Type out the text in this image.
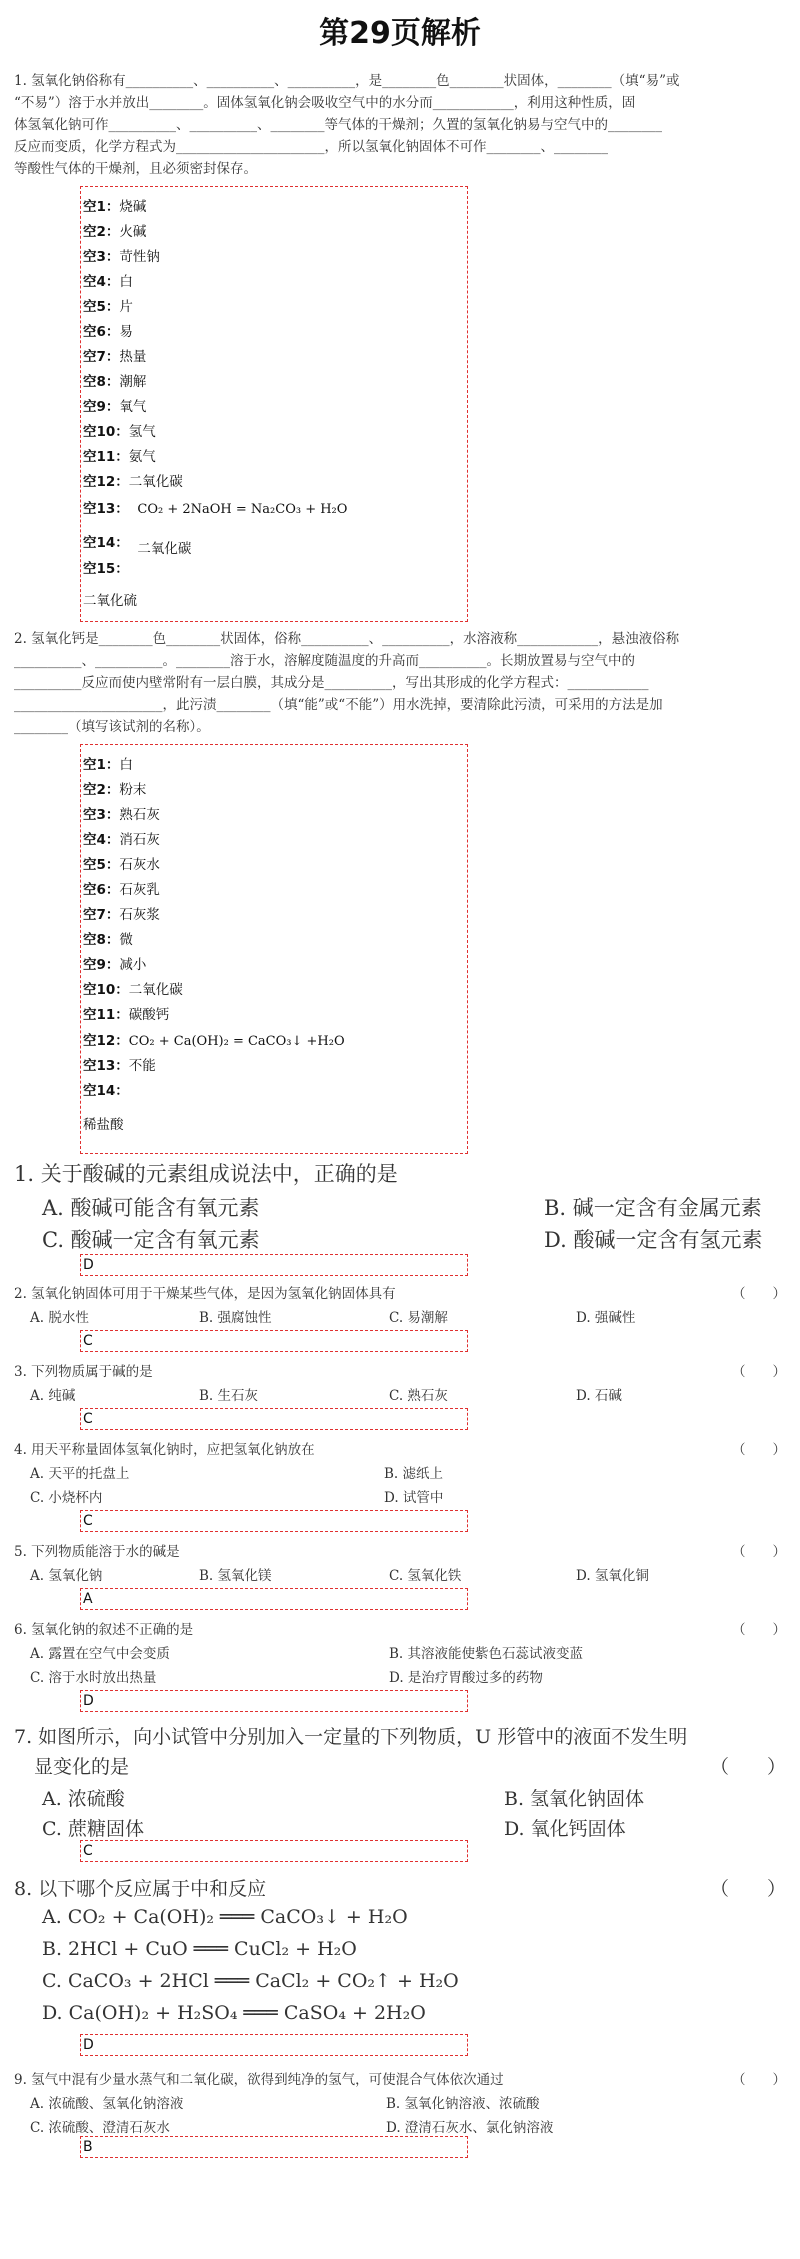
第29页解析
1. 氢氧化钠俗称有__________、__________、__________，是________色________状固体，________（填“易”或
“不易”）溶于水并放出________。固体氢氧化钠会吸收空气中的水分而____________，利用这种性质，固
体氢氧化钠可作__________、__________、________等气体的干燥剂；久置的氢氧化钠易与空气中的________
反应而变质，化学方程式为______________________，所以氢氧化钠固体不可作________、________
等酸性气体的干燥剂，且必须密封保存。
空1：烧碱
空2：火碱
空3：苛性钠
空4：白
空5：片
空6：易
空7：热量
空8：潮解
空9：氧气
空10：氢气
空11：氨气
空12：二氧化碳
空13： CO₂ + 2NaOH = Na₂CO₃ + H₂O
空14： 二氧化碳
空15：
二氧化硫
2. 氢氧化钙是________色________状固体，俗称__________、__________，水溶液称____________，悬浊液俗称
__________、__________。________溶于水，溶解度随温度的升高而__________。长期放置易与空气中的
__________反应而使内壁常附有一层白膜，其成分是__________，写出其形成的化学方程式：____________
______________________，此污渍________（填“能”或“不能”）用水洗掉，要清除此污渍，可采用的方法是加
________（填写该试剂的名称）。
空1：白
空2：粉末
空3：熟石灰
空4：消石灰
空5：石灰水
空6：石灰乳
空7：石灰浆
空8：微
空9：减小
空10：二氧化碳
空11：碳酸钙
空12：CO₂ + Ca(OH)₂ = CaCO₃↓ +H₂O
空13：不能
空14：
稀盐酸
1. 关于酸碱的元素组成说法中，正确的是
A. 酸碱可能含有氧元素	B. 碱一定含有金属元素
C. 酸碱一定含有氧元素	D. 酸碱一定含有氢元素
D
2. 氢氧化钠固体可用于干燥某些气体，是因为氢氧化钠固体具有	（　　）
A. 脱水性	B. 强腐蚀性	C. 易潮解	D. 强碱性
C
3. 下列物质属于碱的是	（　　）
A. 纯碱	B. 生石灰	C. 熟石灰	D. 石碱
C
4. 用天平称量固体氢氧化钠时，应把氢氧化钠放在	（　　）
A. 天平的托盘上	B. 滤纸上
C. 小烧杯内	D. 试管中
C
5. 下列物质能溶于水的碱是	（　　）
A. 氢氧化钠	B. 氢氧化镁	C. 氢氧化铁	D. 氢氧化铜
A
6. 氢氧化钠的叙述不正确的是	（　　）
A. 露置在空气中会变质	B. 其溶液能使紫色石蕊试液变蓝
C. 溶于水时放出热量	D. 是治疗胃酸过多的药物
D
7. 如图所示，向小试管中分别加入一定量的下列物质，U 形管中的液面不发生明
显变化的是	（　　）
A. 浓硫酸	B. 氢氧化钠固体
C. 蔗糖固体	D. 氧化钙固体
C
8. 以下哪个反应属于中和反应	（　　）
A. CO₂ + Ca(OH)₂ ═══ CaCO₃↓ + H₂O
B. 2HCl + CuO ═══ CuCl₂ + H₂O
C. CaCO₃ + 2HCl ═══ CaCl₂ + CO₂↑ + H₂O
D. Ca(OH)₂ + H₂SO₄ ═══ CaSO₄ + 2H₂O
D
9. 氢气中混有少量水蒸气和二氧化碳，欲得到纯净的氢气，可使混合气体依次通过	（　　）
A. 浓硫酸、氢氧化钠溶液	B. 氢氧化钠溶液、浓硫酸
C. 浓硫酸、澄清石灰水	D. 澄清石灰水、氯化钠溶液
B
